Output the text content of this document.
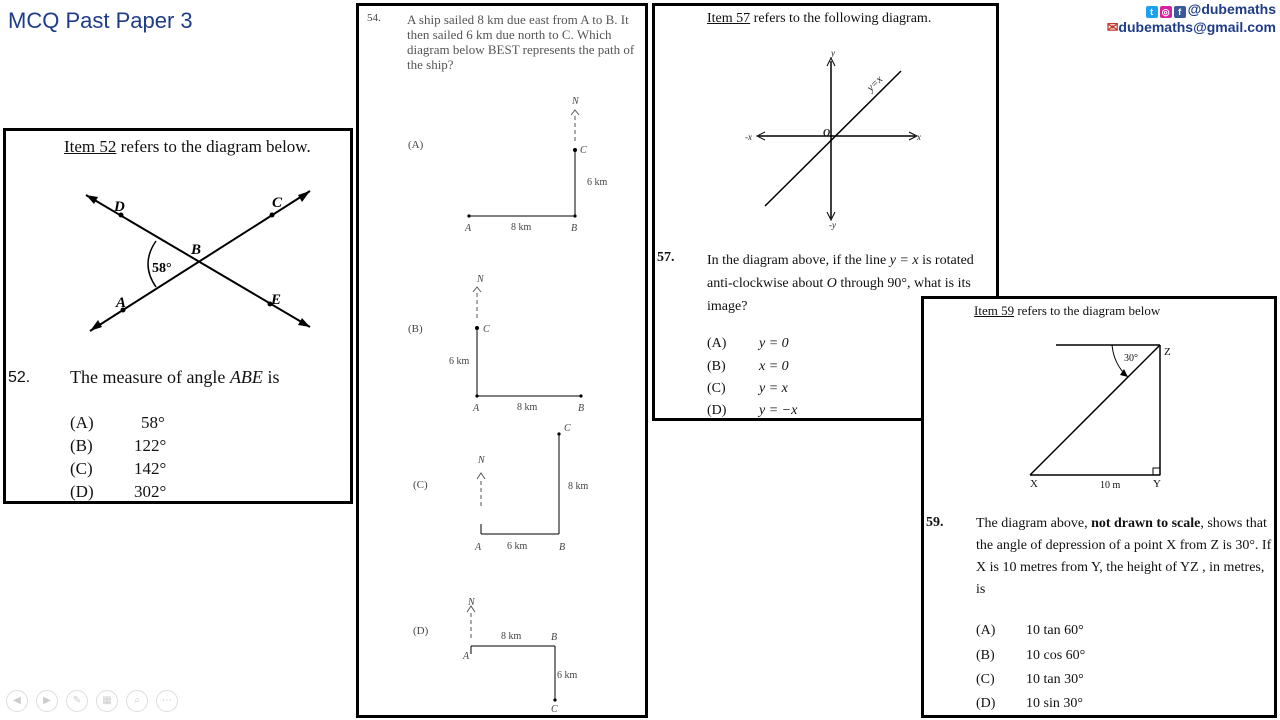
MCQ Past Paper 3	t ◎ f @dubemaths
✉dubemaths@gmail.com
Item 52 refers to the diagram below.
D	C
B
A	E
58°
52. The measure of angle ABE is
(A)	58°
(B) 122°
(C) 142°
(D) 302°
54. A ship sailed 8 km due east from A to B. It then sailed 6 km due north to C. Which diagram below BEST represents the path of the ship?
(A)
N
C
A	B
8 km
6 km
(B)
N
C
A	B
8 km
6 km
(C)
N
C
A	B
6 km
8 km
(D)
N
A
B
C
8 km
6 km
Item 57 refers to the following diagram.
y
-y
x
-x	O
y=x
57. In the diagram above, if the line y = x is rotated anti-clockwise about O through 90°, what is its image?
(A) y = 0
(B) x = 0
(C) y = x
(D) y = −x
Item 59 refers to the diagram below
Z
X	Y
30°
10 m
59. The diagram above, not drawn to scale, shows that the angle of depression of a point X from Z is 30°. If X is 10 metres from Y, the height of YZ , in metres, is
(A) 10 tan 60°
(B) 10 cos 60°
(C) 10 tan 30°
(D) 10 sin 30°
◀	▶	✎	▦	⌕	⋯
